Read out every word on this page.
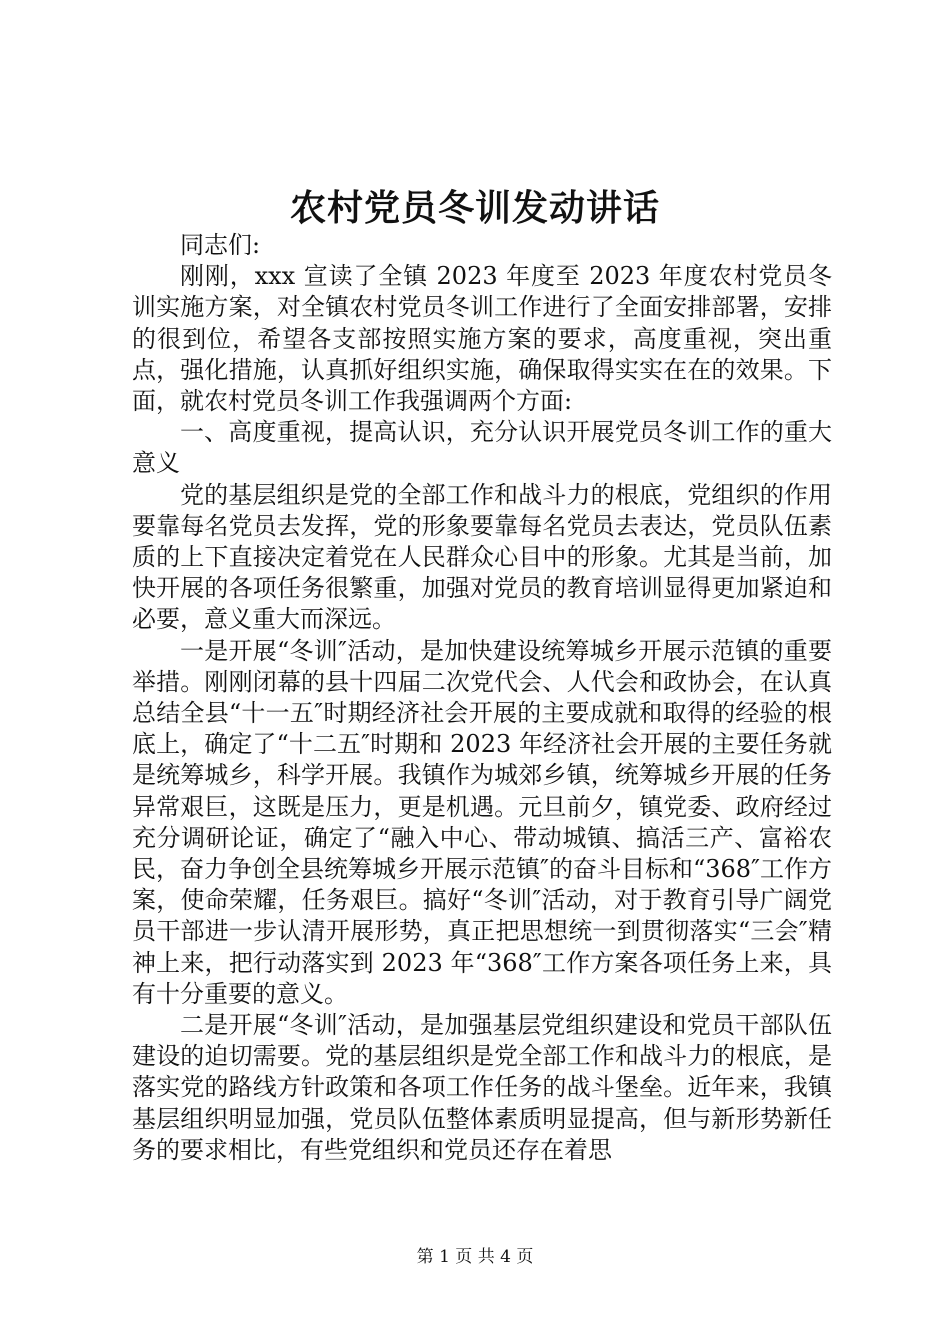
农村党员冬训发动讲话

同志们:

刚刚，xxx 宣读了全镇 2023 年度至 2023 年度农村党员冬训实施方案，对全镇农村党员冬训工作进行了全面安排部署，安排的很到位，希望各支部按照实施方案的要求，高度重视，突出重点，强化措施，认真抓好组织实施，确保取得实实在在的效果。下面，就农村党员冬训工作我强调两个方面:

一、高度重视，提高认识，充分认识开展党员冬训工作的重大意义

党的基层组织是党的全部工作和战斗力的根底，党组织的作用要靠每名党员去发挥，党的形象要靠每名党员去表达，党员队伍素质的上下直接决定着党在人民群众心目中的形象。尤其是当前，加快开展的各项任务很繁重，加强对党员的教育培训显得更加紧迫和必要，意义重大而深远。

一是开展“冬训″活动，是加快建设统筹城乡开展示范镇的重要举措。刚刚闭幕的县十四届二次党代会、人代会和政协会，在认真总结全县“十一五″时期经济社会开展的主要成就和取得的经验的根底上，确定了“十二五″时期和 2023 年经济社会开展的主要任务就是统筹城乡，科学开展。我镇作为城郊乡镇，统筹城乡开展的任务异常艰巨，这既是压力，更是机遇。元旦前夕，镇党委、政府经过充分调研论证，确定了“融入中心、带动城镇、搞活三产、富裕农民，奋力争创全县统筹城乡开展示范镇″的奋斗目标和“368″工作方案，使命荣耀，任务艰巨。搞好“冬训″活动，对于教育引导广阔党员干部进一步认清开展形势，真正把思想统一到贯彻落实“三会″精神上来，把行动落实到 2023 年“368″工作方案各项任务上来，具有十分重要的意义。

二是开展“冬训″活动，是加强基层党组织建设和党员干部队伍建设的迫切需要。党的基层组织是党全部工作和战斗力的根底，是落实党的路线方针政策和各项工作任务的战斗堡垒。近年来，我镇基层组织明显加强，党员队伍整体素质明显提高，但与新形势新任务的要求相比，有些党组织和党员还存在着思

第 1 页 共 4 页
